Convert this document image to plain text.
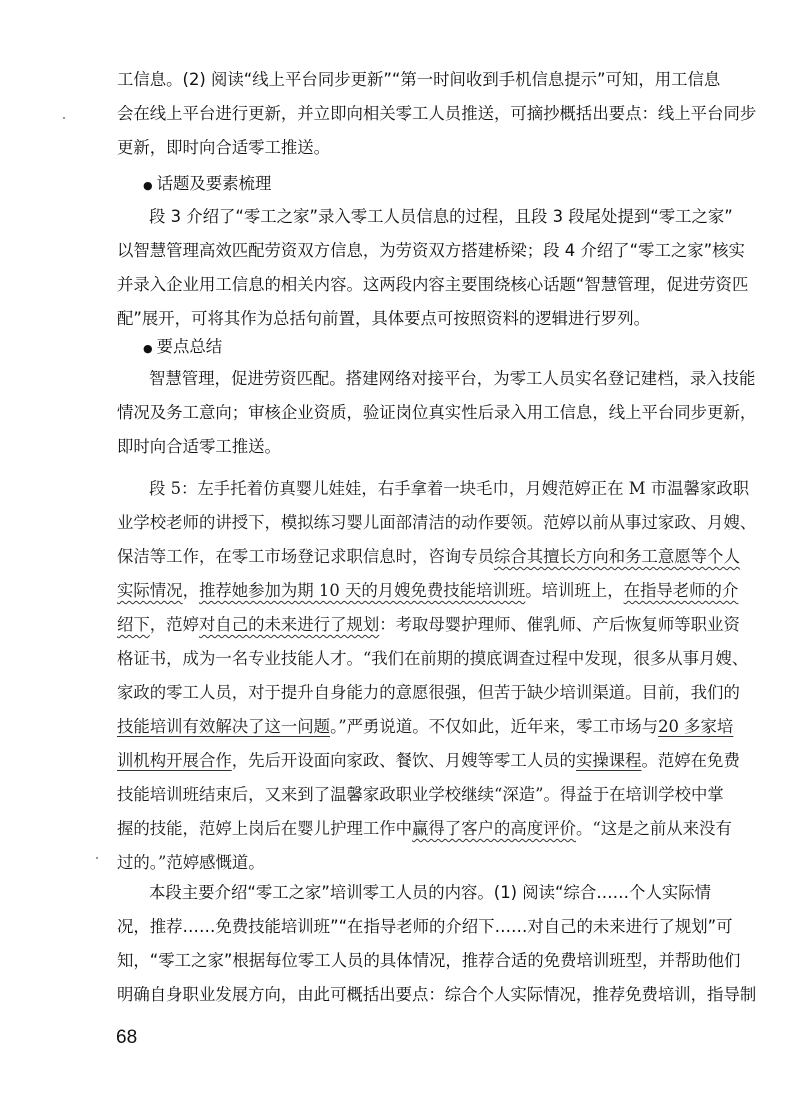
工信息。(2) 阅读“线上平台同步更新”“第一时间收到手机信息提示”可知，用工信息
会在线上平台进行更新，并立即向相关零工人员推送，可摘抄概括出要点：线上平台同步
更新，即时向合适零工推送。
● 话题及要素梳理
段 3 介绍了“零工之家”录入零工人员信息的过程，且段 3 段尾处提到“零工之家”
以智慧管理高效匹配劳资双方信息，为劳资双方搭建桥梁；段 4 介绍了“零工之家”核实
并录入企业用工信息的相关内容。这两段内容主要围绕核心话题“智慧管理，促进劳资匹
配”展开，可将其作为总括句前置，具体要点可按照资料的逻辑进行罗列。
● 要点总结
智慧管理，促进劳资匹配。搭建网络对接平台，为零工人员实名登记建档，录入技能
情况及务工意向；审核企业资质，验证岗位真实性后录入用工信息，线上平台同步更新，
即时向合适零工推送。
段 5：左手托着仿真婴儿娃娃，右手拿着一块毛巾，月嫂范婷正在 M 市温馨家政职
业学校老师的讲授下，模拟练习婴儿面部清洁的动作要领。范婷以前从事过家政、月嫂、
保洁等工作，在零工市场登记求职信息时，咨询专员综合其擅长方向和务工意愿等个人
实际情况，推荐她参加为期 10 天的月嫂免费技能培训班。培训班上，在指导老师的介
绍下，范婷对自己的未来进行了规划：考取母婴护理师、催乳师、产后恢复师等职业资
格证书，成为一名专业技能人才。“我们在前期的摸底调查过程中发现，很多从事月嫂、
家政的零工人员，对于提升自身能力的意愿很强，但苦于缺少培训渠道。目前，我们的
技能培训有效解决了这一问题。”严勇说道。不仅如此，近年来，零工市场与20 多家培
训机构开展合作，先后开设面向家政、餐饮、月嫂等零工人员的实操课程。范婷在免费
技能培训班结束后，又来到了温馨家政职业学校继续“深造”。得益于在培训学校中掌
握的技能，范婷上岗后在婴儿护理工作中赢得了客户的高度评价。“这是之前从来没有
过的。”范婷感慨道。
本段主要介绍“零工之家”培训零工人员的内容。(1) 阅读“综合……个人实际情
况，推荐……免费技能培训班”“在指导老师的介绍下……对自己的未来进行了规划”可
知，“零工之家”根据每位零工人员的具体情况，推荐合适的免费培训班型，并帮助他们
明确自身职业发展方向，由此可概括出要点：综合个人实际情况，推荐免费培训，指导制
68
